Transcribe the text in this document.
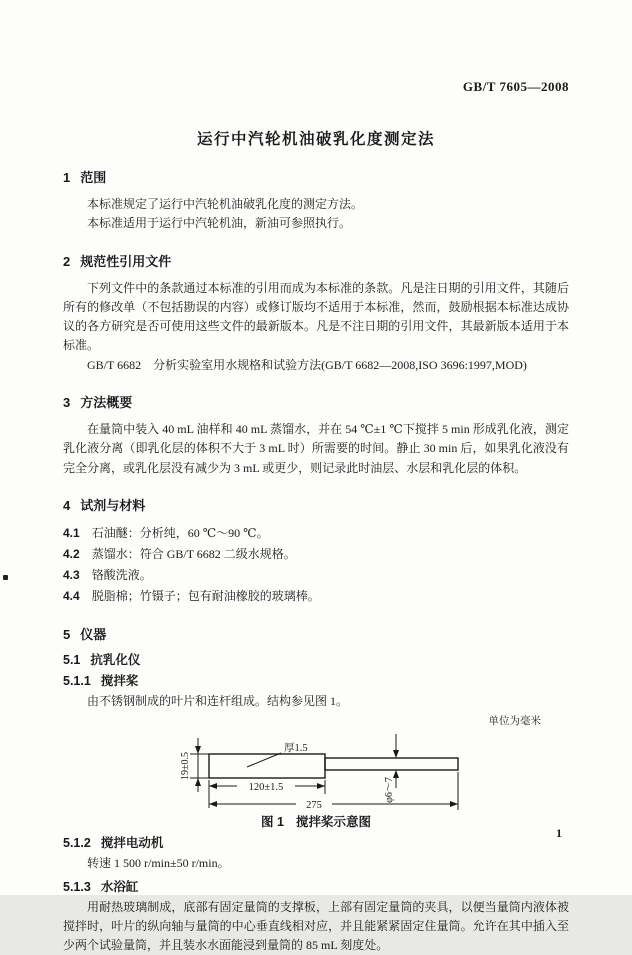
GB/T 7605—2008
运行中汽轮机油破乳化度测定法
1 范围

本标准规定了运行中汽轮机油破乳化度的测定方法。

本标准适用于运行中汽轮机油，新油可参照执行。

2 规范性引用文件

下列文件中的条款通过本标准的引用而成为本标准的条款。凡是注日期的引用文件，其随后所有的修改单（不包括勘误的内容）或修订版均不适用于本标准，然而，鼓励根据本标准达成协议的各方研究是否可使用这些文件的最新版本。凡是不注日期的引用文件，其最新版本适用于本标准。

GB/T 6682　分析实验室用水规格和试验方法(GB/T 6682—2008,ISO 3696:1997,MOD)

3 方法概要

在量筒中装入 40 mL 油样和 40 mL 蒸馏水，并在 54 ℃±1 ℃下搅拌 5 min 形成乳化液，测定乳化液分离（即乳化层的体积不大于 3 mL 时）所需要的时间。静止 30 min 后，如果乳化液没有完全分离，或乳化层没有减少为 3 mL 或更少，则记录此时油层、水层和乳化层的体积。

4 试剂与材料

4.1 石油醚：分析纯，60 ℃～90 ℃。

4.2 蒸馏水：符合 GB/T 6682 二级水规格。

4.3 铬酸洗液。

4.4 脱脂棉；竹镊子；包有耐油橡胶的玻璃棒。

5 仪器
5.1 抗乳化仪
5.1.1 搅拌桨

由不锈钢制成的叶片和连杆组成。结构参见图 1。

单位为毫米
19±0.5
厚1.5
120±1.5
275
φ6～7

图 1 搅拌桨示意图

5.1.2 搅拌电动机

转速 1 500 r/min±50 r/min。

5.1.3 水浴缸

用耐热玻璃制成，底部有固定量筒的支撑板，上部有固定量筒的夹具，以便当量筒内液体被搅拌时，叶片的纵向轴与量筒的中心垂直线相对应，并且能紧紧固定住量筒。允许在其中插入至少两个试验量筒，并且装水水面能浸到量筒的 85 mL 刻度处。

1
